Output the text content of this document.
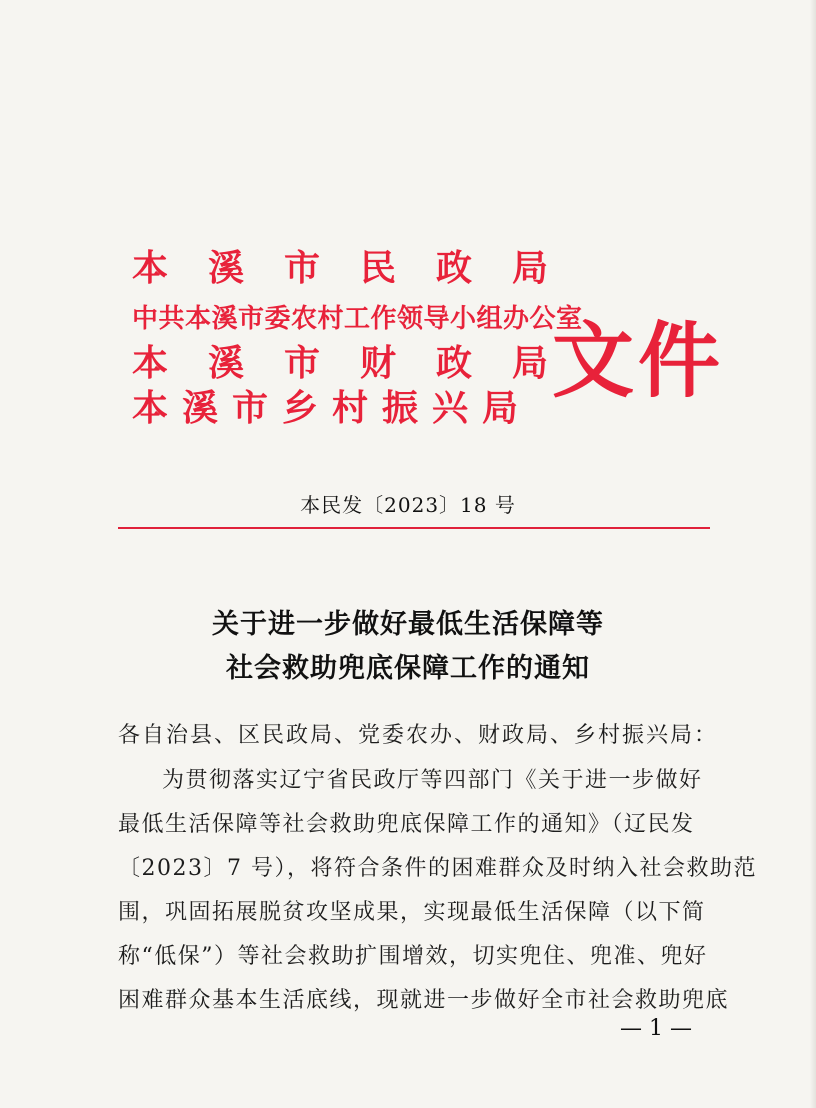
本溪市民政局
中共本溪市委农村工作领导小组办公室
本溪市财政局
本溪市乡村振兴局 文件
本民发〔2023〕18 号
关于进一步做好最低生活保障等
社会救助兜底保障工作的通知
各自治县、区民政局、党委农办、财政局、乡村振兴局：
为贯彻落实辽宁省民政厅等四部门《关于进一步做好
最低生活保障等社会救助兜底保障工作的通知》（辽民发
〔2023〕7 号），将符合条件的困难群众及时纳入社会救助范
围，巩固拓展脱贫攻坚成果，实现最低生活保障（以下简
称“低保”）等社会救助扩围增效，切实兜住、兜准、兜好
困难群众基本生活底线，现就进一步做好全市社会救助兜底
— 1 —
